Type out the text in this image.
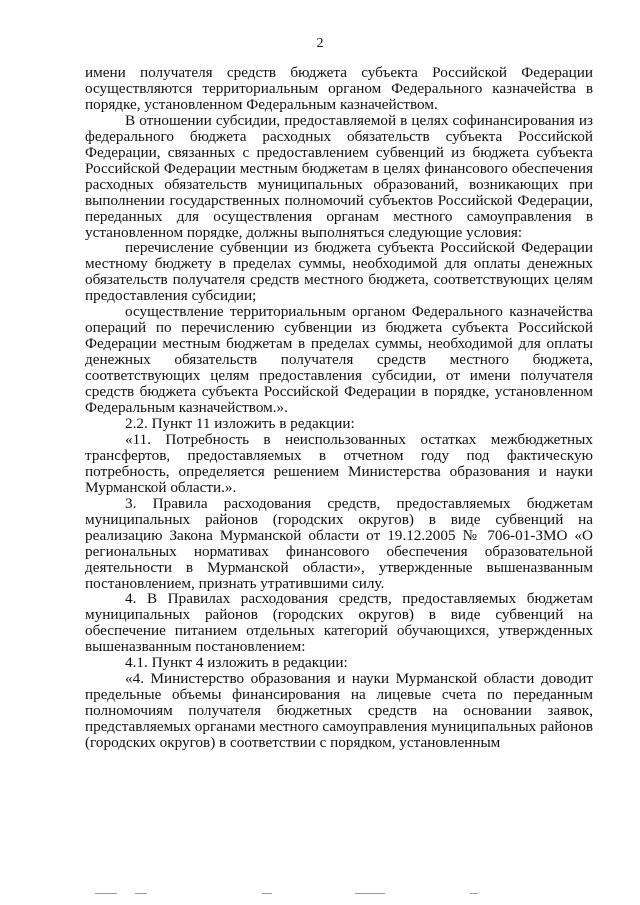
2

имени получателя средств бюджета субъекта Российской Федерации осуществляются территориальным органом Федерального казначейства в порядке, установленном Федеральным казначейством.

В отношении субсидии, предоставляемой в целях софинансирования из федерального бюджета расходных обязательств субъекта Российской Федерации, связанных с предоставлением субвенций из бюджета субъекта Российской Федерации местным бюджетам в целях финансового обеспечения расходных обязательств муниципальных образований, возникающих при выполнении государственных полномочий субъектов Российской Федерации, переданных для осуществления органам местного самоуправления в установленном порядке, должны выполняться следующие условия:

перечисление субвенции из бюджета субъекта Российской Федерации местному бюджету в пределах суммы, необходимой для оплаты денежных обязательств получателя средств местного бюджета, соответствующих целям предоставления субсидии;

осуществление территориальным органом Федерального казначейства операций по перечислению субвенции из бюджета субъекта Российской Федерации местным бюджетам в пределах суммы, необходимой для оплаты денежных обязательств получателя средств местного бюджета, соответствующих целям предоставления субсидии, от имени получателя средств бюджета субъекта Российской Федерации в порядке, установленном Федеральным казначейством.».

2.2. Пункт 11 изложить в редакции:

«11. Потребность в неиспользованных остатках межбюджетных трансфертов, предоставляемых в отчетном году под фактическую потребность, определяется решением Министерства образования и науки Мурманской области.».

3. Правила расходования средств, предоставляемых бюджетам муниципальных районов (городских округов) в виде субвенций на реализацию Закона Мурманской области от 19.12.2005 № 706-01-ЗМО «О региональных нормативах финансового обеспечения образовательной деятельности в Мурманской области», утвержденные вышеназванным постановлением, признать утратившими силу.

4. В Правилах расходования средств, предоставляемых бюджетам муниципальных районов (городских округов) в виде субвенций на обеспечение питанием отдельных категорий обучающихся, утвержденных вышеназванным постановлением:

4.1. Пункт 4 изложить в редакции:

«4. Министерство образования и науки Мурманской области доводит предельные объемы финансирования на лицевые счета по переданным полномочиям получателя бюджетных средств на основании заявок, представляемых органами местного самоуправления муниципальных районов (городских округов) в соответствии с порядком, установленным
